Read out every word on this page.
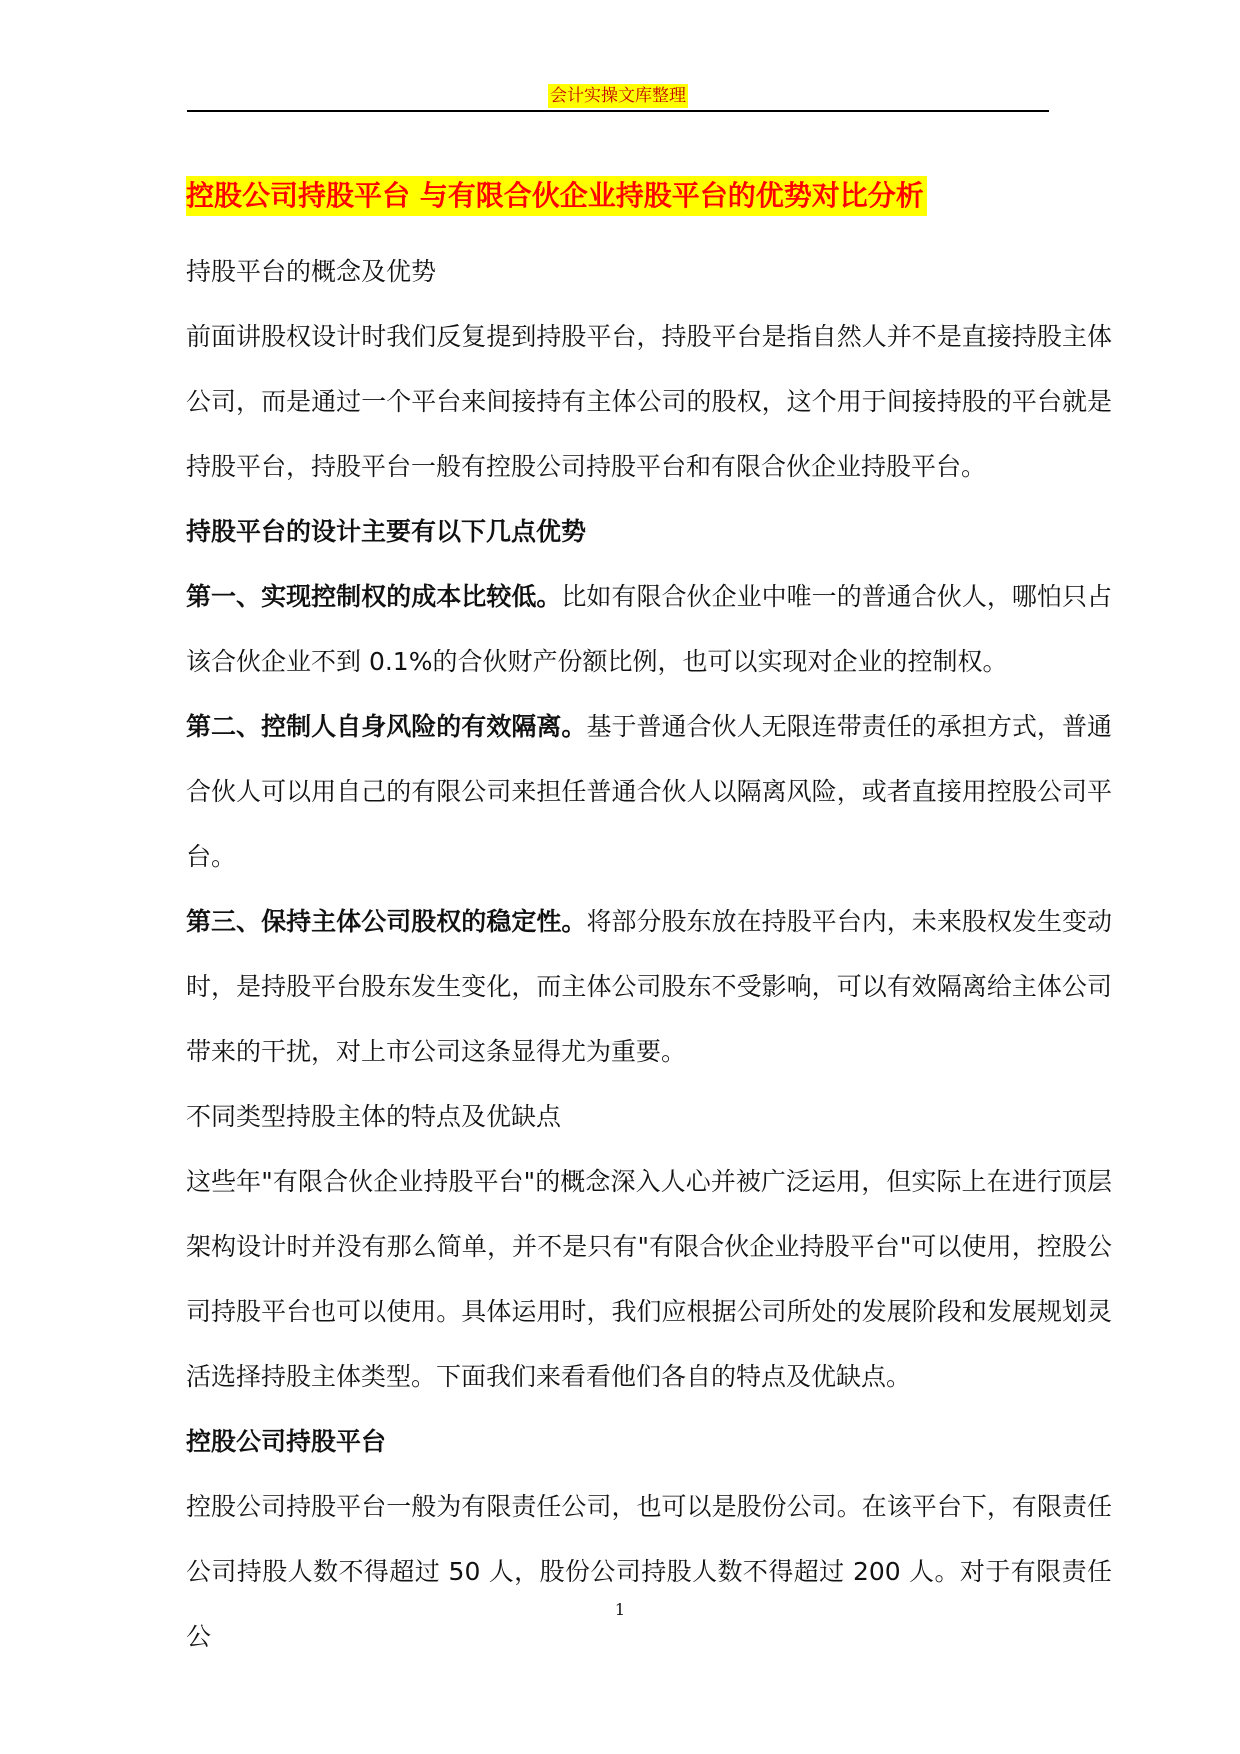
会计实操文库整理
控股公司持股平台 与有限合伙企业持股平台的优势对比分析

持股平台的概念及优势

前面讲股权设计时我们反复提到持股平台，持股平台是指自然人并不是直接持股主体公司，而是通过一个平台来间接持有主体公司的股权，这个用于间接持股的平台就是持股平台，持股平台一般有控股公司持股平台和有限合伙企业持股平台。

持股平台的设计主要有以下几点优势

第一、实现控制权的成本比较低。比如有限合伙企业中唯一的普通合伙人，哪怕只占该合伙企业不到 0.1%的合伙财产份额比例，也可以实现对企业的控制权。

第二、控制人自身风险的有效隔离。基于普通合伙人无限连带责任的承担方式，普通合伙人可以用自己的有限公司来担任普通合伙人以隔离风险，或者直接用控股公司平台。

第三、保持主体公司股权的稳定性。将部分股东放在持股平台内，未来股权发生变动时，是持股平台股东发生变化，而主体公司股东不受影响，可以有效隔离给主体公司带来的干扰，对上市公司这条显得尤为重要。

不同类型持股主体的特点及优缺点

这些年"有限合伙企业持股平台"的概念深入人心并被广泛运用，但实际上在进行顶层架构设计时并没有那么简单，并不是只有"有限合伙企业持股平台"可以使用，控股公司持股平台也可以使用。具体运用时，我们应根据公司所处的发展阶段和发展规划灵活选择持股主体类型。下面我们来看看他们各自的特点及优缺点。

控股公司持股平台

控股公司持股平台一般为有限责任公司，也可以是股份公司。在该平台下，有限责任公司持股人数不得超过 50 人，股份公司持股人数不得超过 200 人。对于有限责任公

1
